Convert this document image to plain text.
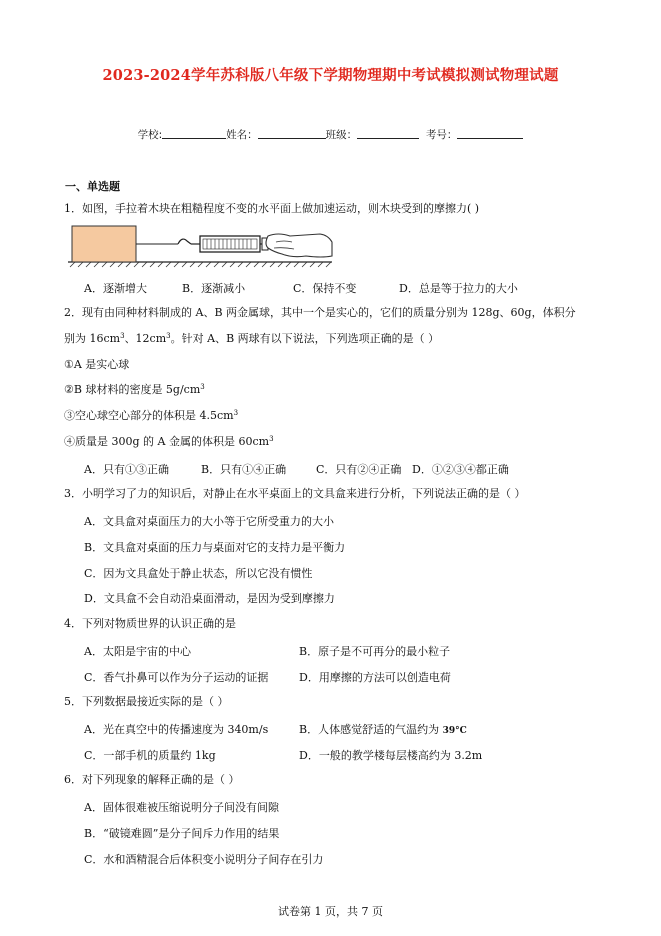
2023-2024学年苏科版八年级下学期物理期中考试模拟测试物理试题
学校:	姓名：	班级：	考号：
一、单选题
1．如图，手拉着木块在粗糙程度不变的水平面上做加速运动，则木块受到的摩擦力( )
A．逐渐增大	B．逐渐减小	C．保持不变	D．总是等于拉力的大小
2．现有由同种材料制成的 A、B 两金属球，其中一个是实心的，它们的质量分别为 128g、60g，体积分
别为 $16cm^3$、$12cm^3$。针对 A、B 两球有以下说法，下列选项正确的是（ ）
①A 是实心球
②B 球材料的密度是 $5g/cm^3$
③空心球空心部分的体积是 $4.5cm^3$
④质量是 300g 的 A 金属的体积是 $60cm^3$
A．只有①③正确	B．只有①④正确	C．只有②④正确 D．①②③④都正确
3．小明学习了力的知识后，对静止在水平桌面上的文具盒来进行分析，下列说法正确的是（ ）
A．文具盒对桌面压力的大小等于它所受重力的大小
B．文具盒对桌面的压力与桌面对它的支持力是平衡力
C．因为文具盒处于静止状态，所以它没有惯性
D．文具盒不会自动沿桌面滑动，是因为受到摩擦力
4．下列对物质世界的认识正确的是
A．太阳是宇宙的中心	B．原子是不可再分的最小粒子
C．香气扑鼻可以作为分子运动的证据	D．用摩擦的方法可以创造电荷
5．下列数据最接近实际的是（ ）
A．光在真空中的传播速度为 340m/s	B．人体感觉舒适的气温约为 39°C
C．一部手机的质量约 1kg	D．一般的教学楼每层楼高约为 3.2m
6．对下列现象的解释正确的是（ ）
A．固体很难被压缩说明分子间没有间隙
B．“破镜难圆”是分子间斥力作用的结果
C．水和酒精混合后体积变小说明分子间存在引力
试卷第 1 页，共 7 页
